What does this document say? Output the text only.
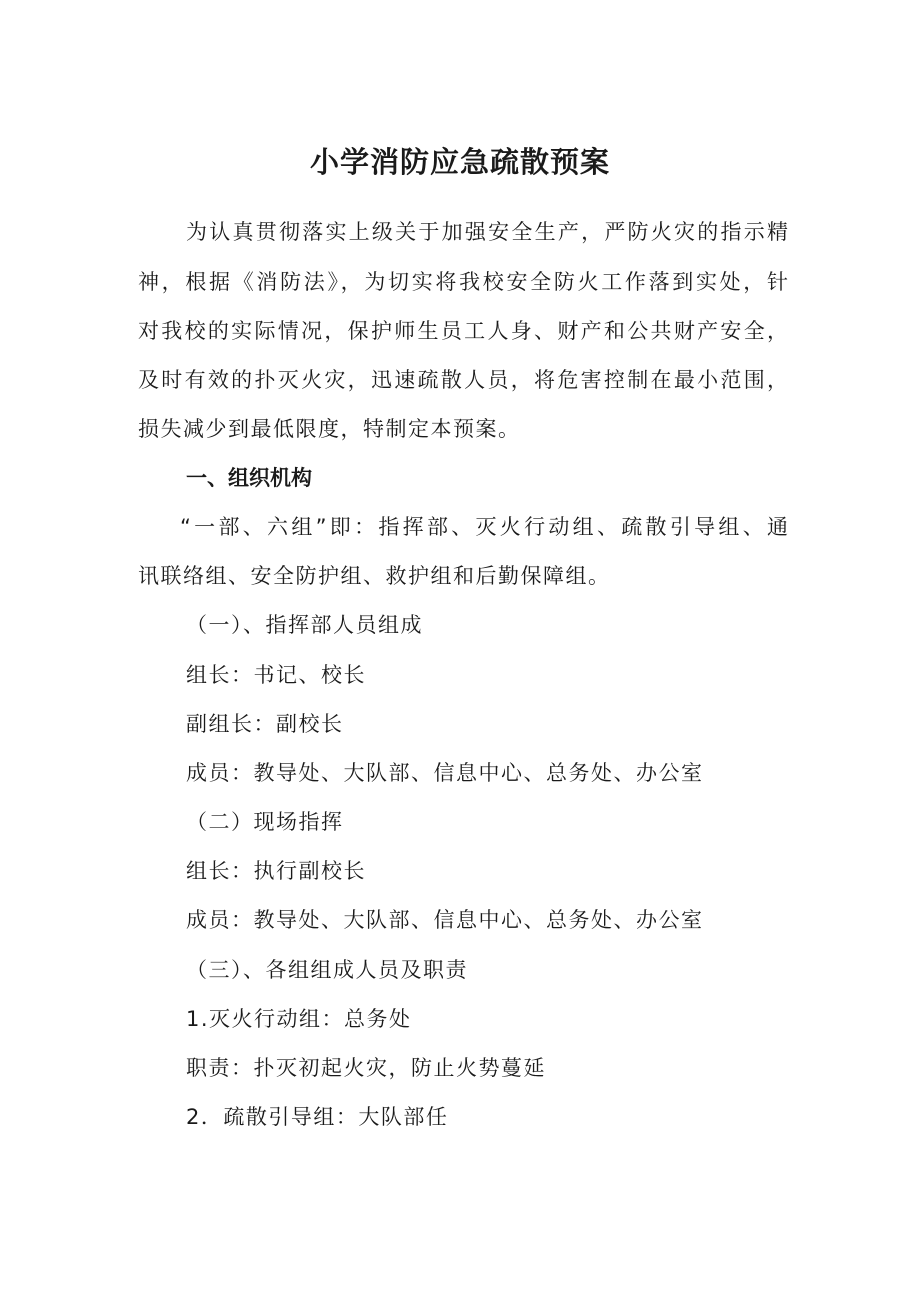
小学消防应急疏散预案
为认真贯彻落实上级关于加强安全生产，严防火灾的指示精
神，根据《消防法》，为切实将我校安全防火工作落到实处，针
对我校的实际情况，保护师生员工人身、财产和公共财产安全，
及时有效的扑灭火灾，迅速疏散人员，将危害控制在最小范围，
损失减少到最低限度，特制定本预案。
一、组织机构
“一部、六组”即：指挥部、灭火行动组、疏散引导组、通
讯联络组、安全防护组、救护组和后勤保障组。
（一）、指挥部人员组成
组长：书记、校长
副组长：副校长
成员：教导处、大队部、信息中心、总务处、办公室
（二）现场指挥
组长：执行副校长
成员：教导处、大队部、信息中心、总务处、办公室
（三）、各组组成人员及职责
1.灭火行动组：总务处
职责：扑灭初起火灾，防止火势蔓延
2．疏散引导组：大队部任
